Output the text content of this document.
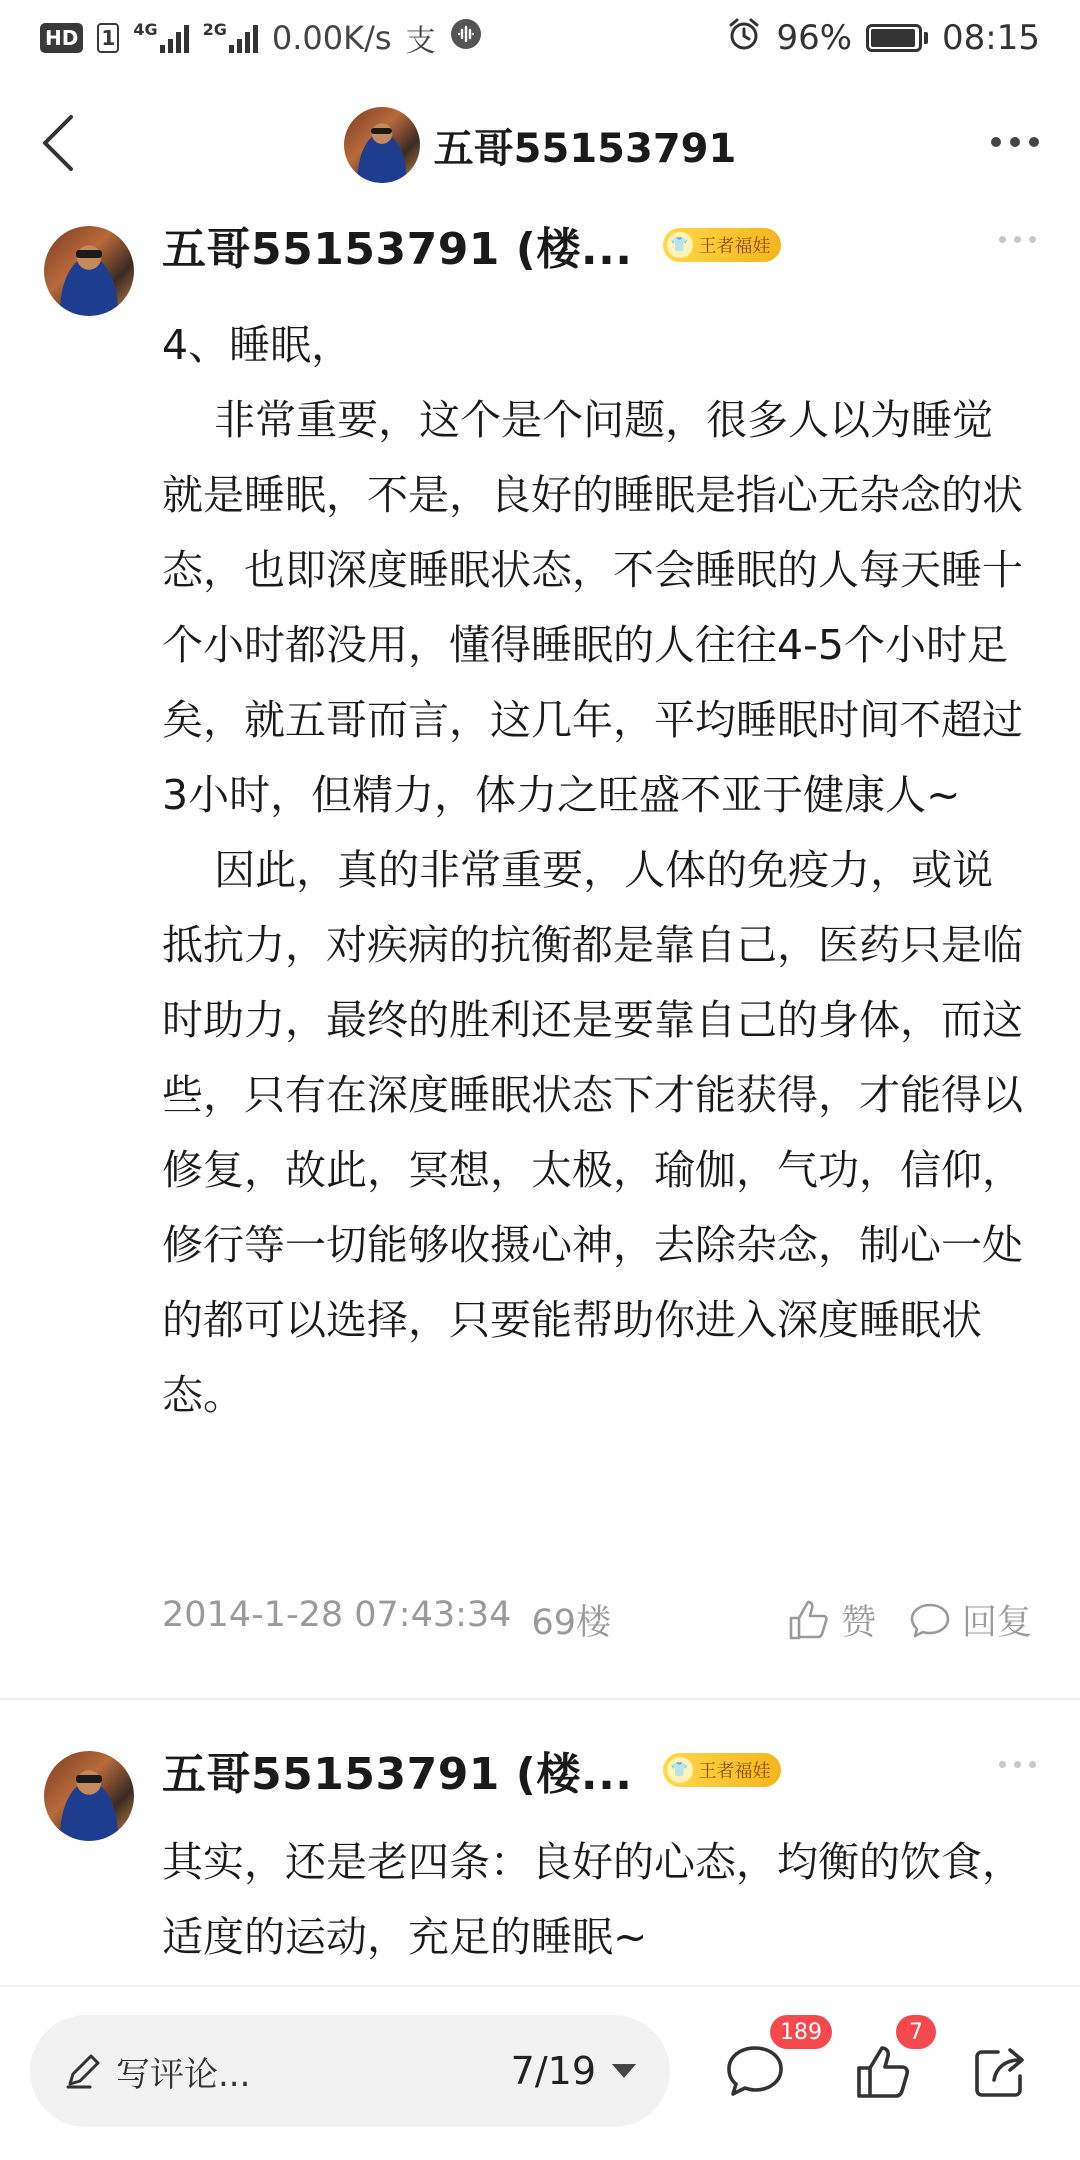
HD 1 4G	2G 0.00K/s 支	96%	08:15
五哥55153791
五哥55153791 (楼...	👕 王者福娃

4、睡眠，

非常重要，这个是个问题，很多人以为睡觉就是睡眠，不是，良好的睡眠是指心无杂念的状态，也即深度睡眠状态，不会睡眠的人每天睡十个小时都没用，懂得睡眠的人往往4-5个小时足矣，就五哥而言，这几年，平均睡眠时间不超过3小时，但精力，体力之旺盛不亚于健康人~

因此，真的非常重要，人体的免疫力，或说抵抗力，对疾病的抗衡都是靠自己，医药只是临时助力，最终的胜利还是要靠自己的身体，而这些，只有在深度睡眠状态下才能获得，才能得以修复，故此，冥想，太极，瑜伽，气功，信仰，修行等一切能够收摄心神，去除杂念，制心一处的都可以选择，只要能帮助你进入深度睡眠状态。

2014-1-28 07:43:34 69楼	赞 回复
五哥55153791 (楼...	👕 王者福娃

其实，还是老四条：良好的心态，均衡的饮食，适度的运动，充足的睡眠~

写评论...	7/19
189	7
